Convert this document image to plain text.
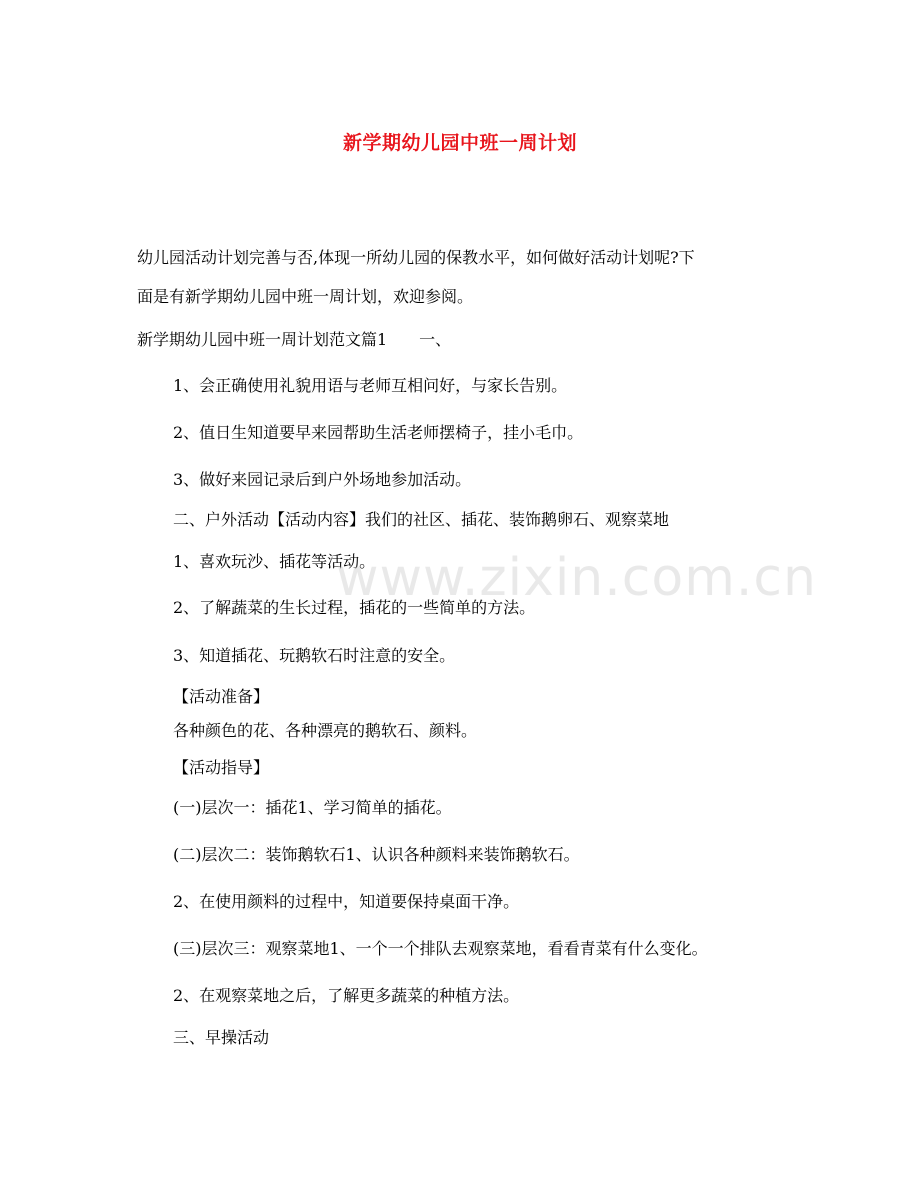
新学期幼儿园中班一周计划
幼儿园活动计划完善与否,体现一所幼儿园的保教水平，如何做好活动计划呢?下
面是有新学期幼儿园中班一周计划，欢迎参阅。
新学期幼儿园中班一周计划范文篇1　　一、
1、会正确使用礼貌用语与老师互相问好，与家长告别。
2、值日生知道要早来园帮助生活老师摆椅子，挂小毛巾。
3、做好来园记录后到户外场地参加活动。
二、户外活动【活动内容】我们的社区、插花、装饰鹅卵石、观察菜地
1、喜欢玩沙、插花等活动。
2、了解蔬菜的生长过程，插花的一些简单的方法。
3、知道插花、玩鹅软石时注意的安全。
【活动准备】
各种颜色的花、各种漂亮的鹅软石、颜料。
【活动指导】
(一)层次一：插花1、学习简单的插花。
(二)层次二：装饰鹅软石1、认识各种颜料来装饰鹅软石。
2、在使用颜料的过程中，知道要保持桌面干净。
(三)层次三：观察菜地1、一个一个排队去观察菜地，看看青菜有什么变化。
2、在观察菜地之后，了解更多蔬菜的种植方法。
三、早操活动
www.zixin.com.cn
